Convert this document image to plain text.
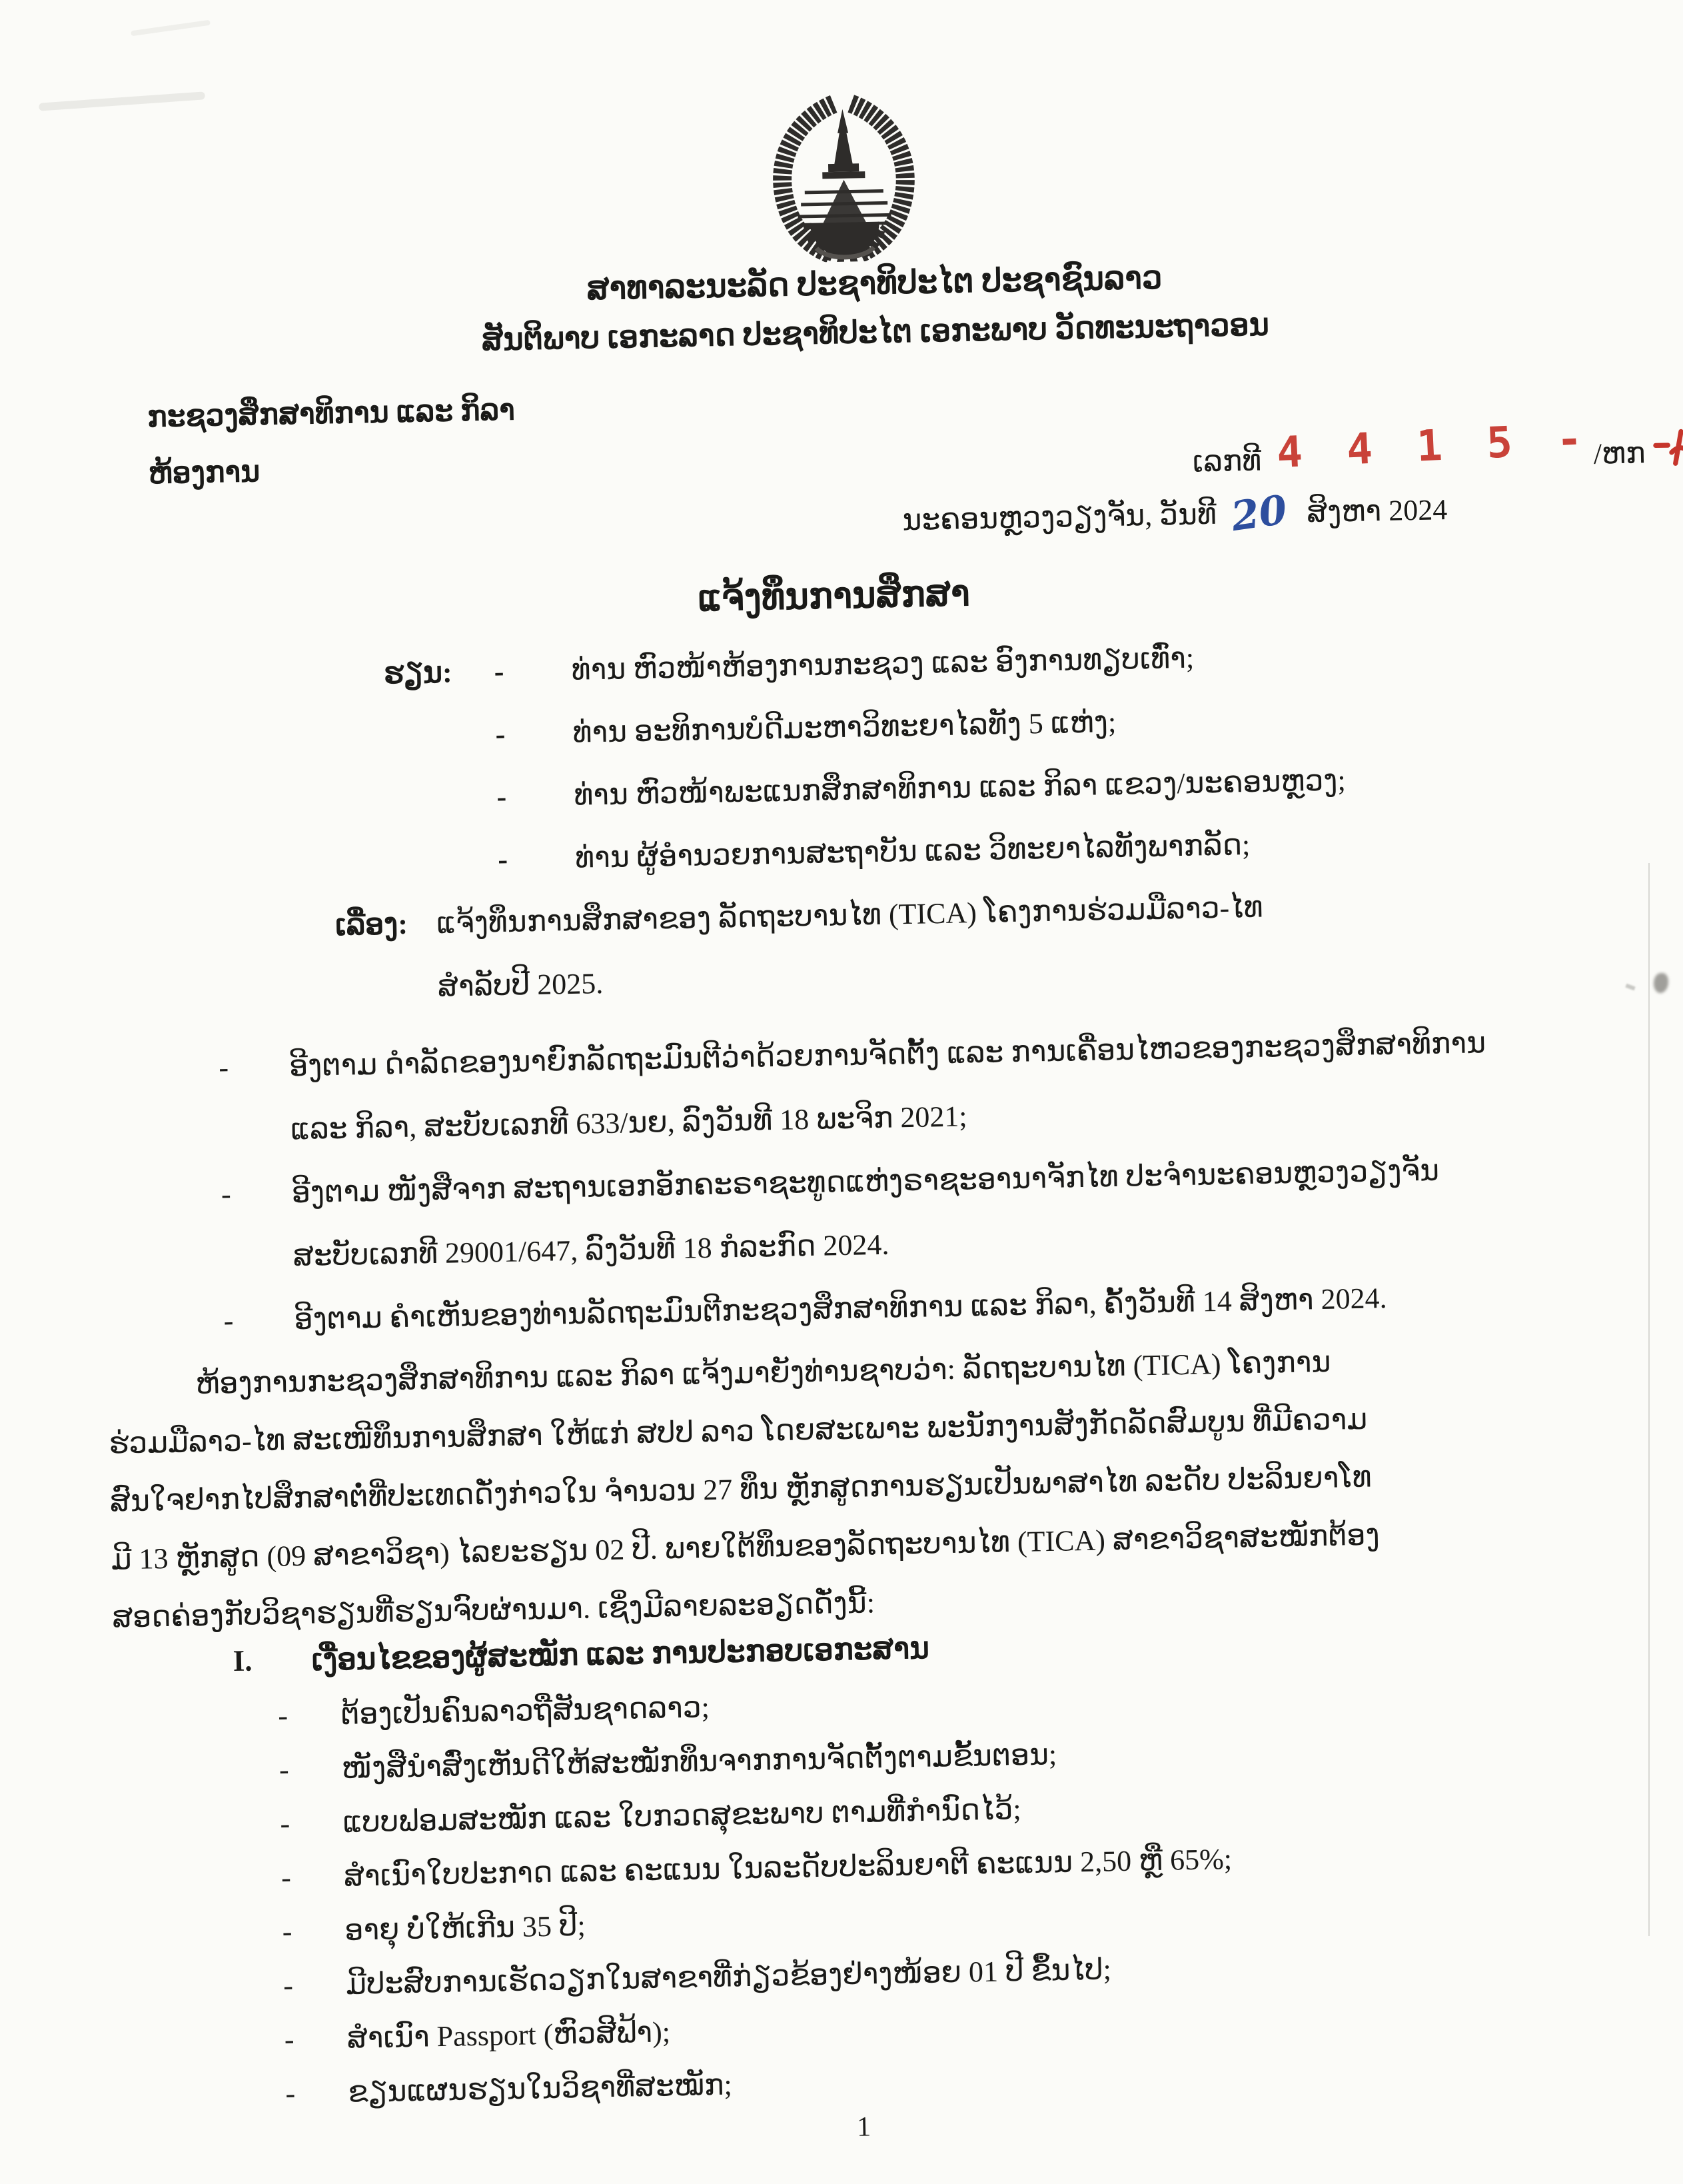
ສາທາລະນະລັດ ປະຊາທິປະໄຕ ປະຊາຊົນລາວ
ສັນຕິພາບ ເອກະລາດ ປະຊາທິປະໄຕ ເອກະພາບ ວັດທະນະຖາວອນ
ກະຊວງສຶກສາທິການ ແລະ ກິລາ
ຫ້ອງການ	ເລກທີ 4 4 1 5 - /ຫກ
ນະຄອນຫຼວງວຽງຈັນ, ວັນທີ 20 ສິງຫາ 2024
ແຈ້ງທຶນການສຶກສາ
ຮຽນ:	-	ທ່ານ ຫົວໜ້າຫ້ອງການກະຊວງ ແລະ ອົງການທຽບເທົ່າ;
-	ທ່ານ ອະທິການບໍດີມະຫາວິທະຍາໄລທັງ 5 ແຫ່ງ;
-	ທ່ານ ຫົວໜ້າພະແນກສຶກສາທິການ ແລະ ກິລາ ແຂວງ/ນະຄອນຫຼວງ;
-	ທ່ານ ຜູ້ອຳນວຍການສະຖາບັນ ແລະ ວິທະຍາໄລທັງພາກລັດ;
ເລື່ອງ: ແຈ້ງທຶນການສຶກສາຂອງ ລັດຖະບານໄທ (TICA) ໂຄງການຮ່ວມມືລາວ-ໄທ
ສຳລັບປີ 2025.
- ອີງຕາມ ດຳລັດຂອງນາຍົກລັດຖະມົນຕີວ່າດ້ວຍການຈັດຕັ້ງ ແລະ ການເຄື່ອນໄຫວຂອງກະຊວງສຶກສາທິການ
ແລະ ກິລາ, ສະບັບເລກທີ 633/ນຍ, ລົງວັນທີ 18 ພະຈິກ 2021;
- ອີງຕາມ ໜັງສືຈາກ ສະຖານເອກອັກຄະຣາຊະທູດແຫ່ງຣາຊະອານາຈັກໄທ ປະຈຳນະຄອນຫຼວງວຽງຈັນ
ສະບັບເລກທີ 29001/647, ລົງວັນທີ 18 ກໍລະກົດ 2024.
- ອີງຕາມ ຄຳເຫັນຂອງທ່ານລັດຖະມົນຕີກະຊວງສຶກສາທິການ ແລະ ກິລາ, ຄັ້ງວັນທີ 14 ສິງຫາ 2024.
ຫ້ອງການກະຊວງສຶກສາທິການ ແລະ ກິລາ ແຈ້ງມາຍັງທ່ານຊາບວ່າ: ລັດຖະບານໄທ (TICA) ໂຄງການ
ຮ່ວມມືລາວ-ໄທ ສະເໜີທຶນການສຶກສາ ໃຫ້ແກ່ ສປປ ລາວ ໂດຍສະເພາະ ພະນັກງານສັງກັດລັດສົມບູນ ທີ່ມີຄວາມ
ສົນໃຈຢາກໄປສຶກສາຕໍ່ທີ່ປະເທດດັ່ງກ່າວໃນ ຈຳນວນ 27 ທຶນ ຫຼັກສູດການຮຽນເປັນພາສາໄທ ລະດັບ ປະລິນຍາໂທ
ມີ 13 ຫຼັກສູດ (09 ສາຂາວິຊາ) ໄລຍະຮຽນ 02 ປີ. ພາຍໃຕ້ທຶນຂອງລັດຖະບານໄທ (TICA) ສາຂາວິຊາສະໝັກຕ້ອງ
ສອດຄ່ອງກັບວິຊາຮຽນທີ່ຮຽນຈົບຜ່ານມາ. ເຊິ່ງມີລາຍລະອຽດດັ່ງນີ້:
I.	ເງື່ອນໄຂຂອງຜູ້ສະໝັກ ແລະ ການປະກອບເອກະສານ
-	ຕ້ອງເປັນຄົນລາວຖືສັນຊາດລາວ;
-	ໜັງສືນຳສົ່ງເຫັນດີໃຫ້ສະໝັກທຶນຈາກການຈັດຕັ້ງຕາມຂັ້ນຕອນ;
-	ແບບຟອມສະໝັກ ແລະ ໃບກວດສຸຂະພາບ ຕາມທີ່ກຳນົດໄວ້;
-	ສຳເນົາໃບປະກາດ ແລະ ຄະແນນ ໃນລະດັບປະລິນຍາຕີ ຄະແນນ 2,50 ຫຼື 65%;
-	ອາຍຸ ບໍ່ໃຫ້ເກີນ 35 ປີ;
-	ມີປະສົບການເຮັດວຽກໃນສາຂາທີ່ກ່ຽວຂ້ອງຢ່າງໜ້ອຍ 01 ປີ ຂຶ້ນໄປ;
-	ສຳເນົາ Passport (ຫົວສີຟ້າ);
-	ຂຽນແຜນຮຽນໃນວິຊາທີ່ສະໝັກ;
1
